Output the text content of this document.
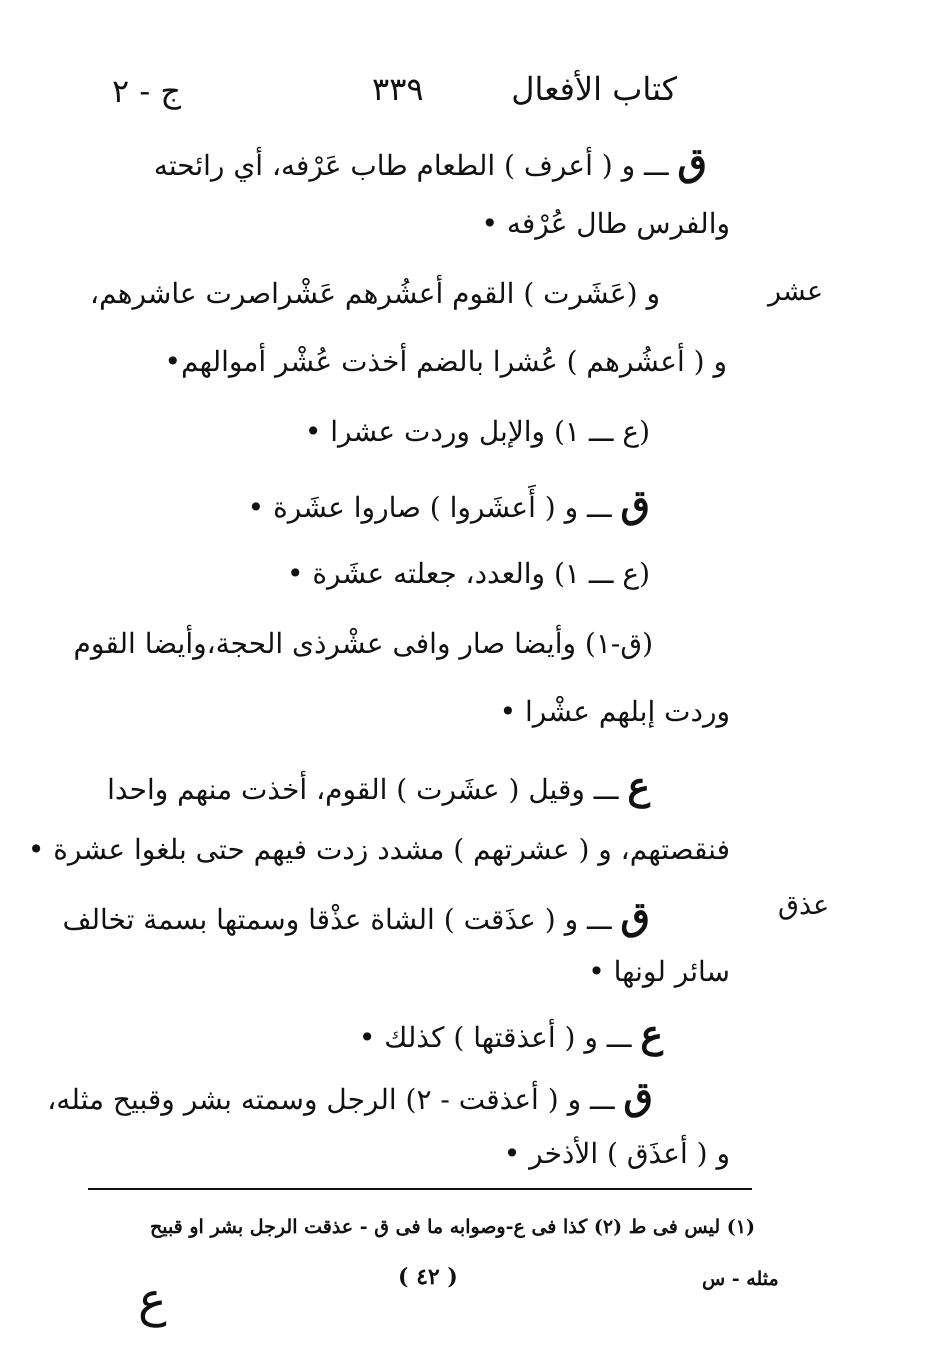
كتاب الأفعال
٣٣٩
ج - ٢
عشر
عذق
ق ـــ و ( أعرف ) الطعام طاب عَرْفه، أي رائحته
والفرس طال عُرْفه •
و (عَشَرت ) القوم أعشُرهم عَشْراصرت عاشرهم،
و ( أعشُرهم ) عُشرا بالضم أخذت عُشْر أموالهم•
(ع ـــ ١) والإبل وردت عشرا •
ق ـــ و ( أَعشَروا ) صاروا عشَرة •
(ع ـــ ١) والعدد، جعلته عشَرة •
(ق-١) وأيضا صار وافى عشْرذى الحجة،وأيضا القوم
وردت إبلهم عشْرا •
ع ـــ وقيل ( عشَرت ) القوم، أخذت منهم واحدا
فنقصتهم، و ( عشرتهم ) مشدد زدت فيهم حتى بلغوا عشرة •
ق ـــ و ( عذَقت ) الشاة عذْقا وسمتها بسمة تخالف
سائر لونها •
ع ـــ و ( أعذقتها ) كذلك •
ق ـــ و ( أعذقت - ٢) الرجل وسمته بشر وقبيح مثله،
و ( أعذَق ) الأذخر •
(١) ليس فى ط (٢) كذا فى ع-وصوابه ما فى ق - عذقت الرجل بشر او قبيح
مثله - س
( ٤٢ )
ع
